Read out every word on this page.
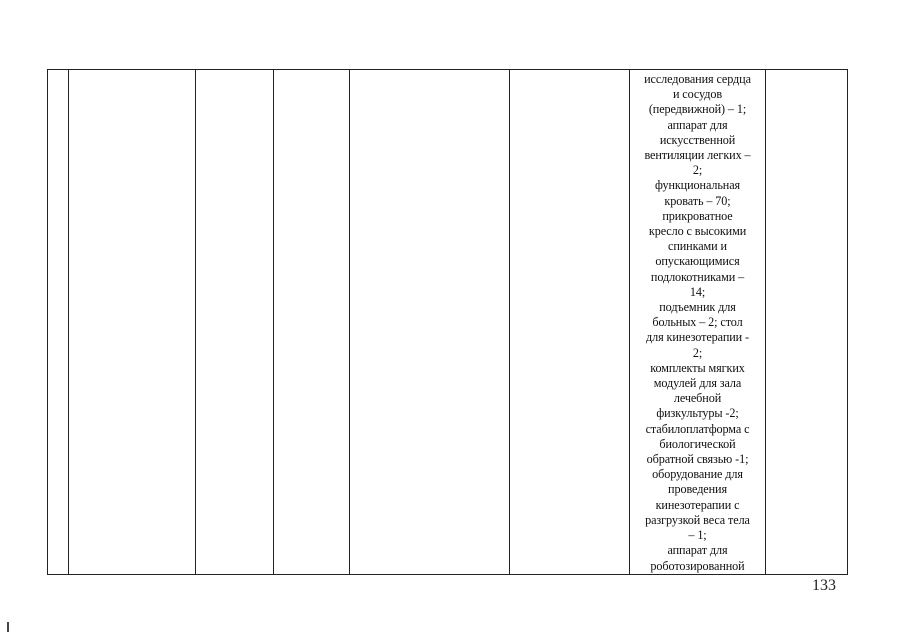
исследования сердца
и сосудов
(передвижной) – 1;
аппарат для
искусственной
вентиляции легких –
2;
функциональная
кровать – 70;
прикроватное
кресло с высокими
спинками и
опускающимися
подлокотниками –
14;
подъемник для
больных – 2; стол
для кинезотерапии -
2;
комплекты мягких
модулей для зала
лечебной
физкультуры -2;
стабилоплатформа с
биологической
обратной связью -1;
оборудование для
проведения
кинезотерапии с
разгрузкой веса тела
– 1;
аппарат для
роботозированной

133
